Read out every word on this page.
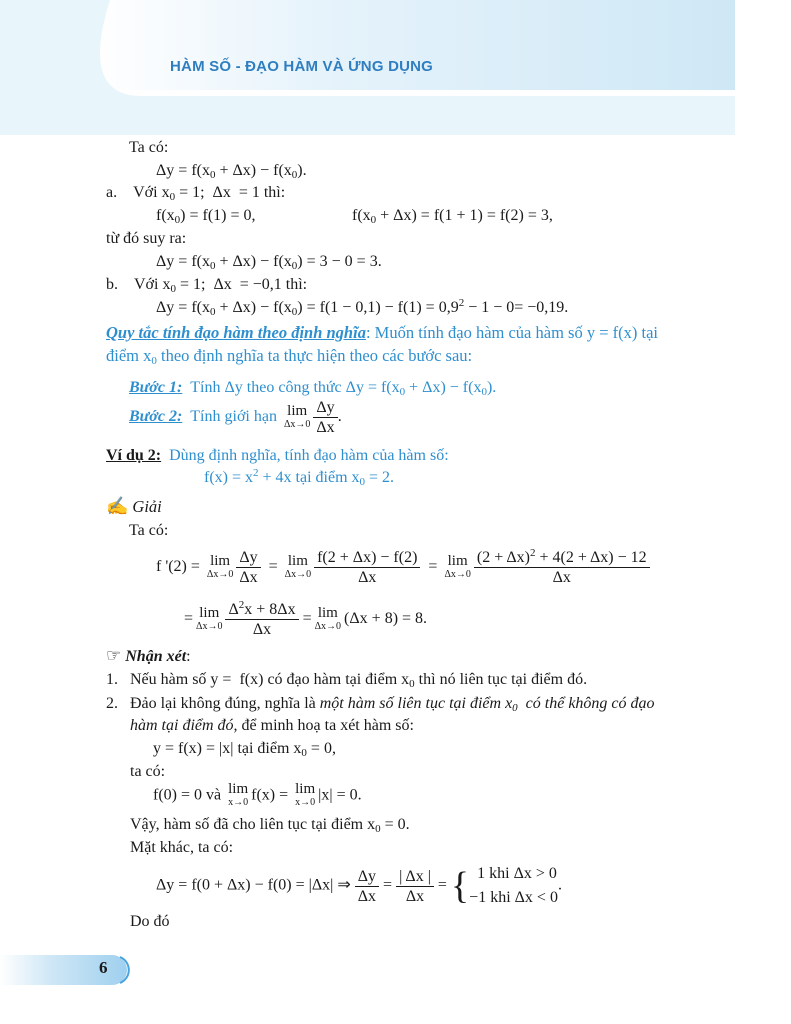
HÀM SỐ - ĐẠO HÀM VÀ ỨNG DỤNG
Ta có:
$\Delta y = f(x_0 + \Delta x) - f(x_0)$.
a.    Với $x_0 = 1$;  Δx  = 1 thì:
$f(x_0) = f(1) = 0$,	$f(x_0 + \Delta x) = f(1 + 1) = f(2) = 3$,
từ đó suy ra:
$\Delta y = f(x_0 + \Delta x) - f(x_0) = 3 - 0 = 3$.
b.    Với $x_0 = 1$;  Δx  = −0,1 thì:
$\Delta y = f(x_0 + \Delta x) - f(x_0) = f(1 - 0,1) - f(1) = 0,9^2 - 1 - 0= -0,19$.
Quy tắc tính đạo hàm theo định nghĩa: Muốn tính đạo hàm của hàm số y = f(x) tại
điểm $x_0$ theo định nghĩa ta thực hiện theo các bước sau:
Bước 1:  Tính Δy theo công thức $\Delta y = f(x_0 + \Delta x) - f(x_0)$.
Bước 2: Tính giới hạn lim
$\Delta x\to 0 \frac{\Delta y}{\Delta x}$ .
Ví dụ 2: Dùng định nghĩa, tính đạo hàm của hàm số:
$f(x) = x^2 + 4x$ tại điểm $x_0 = 2$.
✍ Giải
Ta có:
f '(2) = lim
$\Delta x\to 0 \frac{\Delta y}{\Delta x} = \lim$
$\Delta x\to 0 \frac{f(2 + \Delta x) - f(2)}{\Delta x} = \lim$
$\Delta x\to 0 \frac{(2 + \Delta x)^2 + 4(2 + \Delta x) - 12}{\Delta x}$
= lim
$\Delta x\to 0 \frac{\Delta^2x + 8\Delta x}{\Delta x} = \lim$
Δx→0 (Δx + 8) = 8.
☞ Nhận xét:
1.   Nếu hàm số y =  f(x) có đạo hàm tại điểm $x_0$ thì nó liên tục tại điểm đó.
2.   Đảo lại không đúng, nghĩa là một hàm số liên tục tại điểm $x_0$  có thể không có đạo
hàm tại điểm đó, để minh hoạ ta xét hàm số:
y = f(x) = |x| tại điểm $x_0 = 0$,
ta có:
f(0) = 0 và lim
x→0 f(x) = lim
x→0 |x| = 0.
Vậy, hàm số đã cho liên tục tại điểm $x_0 = 0$.
Mặt khác, ta có:
Δy = f(0 + Δx) − f(0) = |Δx| ⇒ $\frac{\Delta y}{\Delta x} = \frac{| \Delta x |}{\Delta x}$ = { 1 khi Δx > 0
−1 khi Δx < 0
.
Do đó
6
